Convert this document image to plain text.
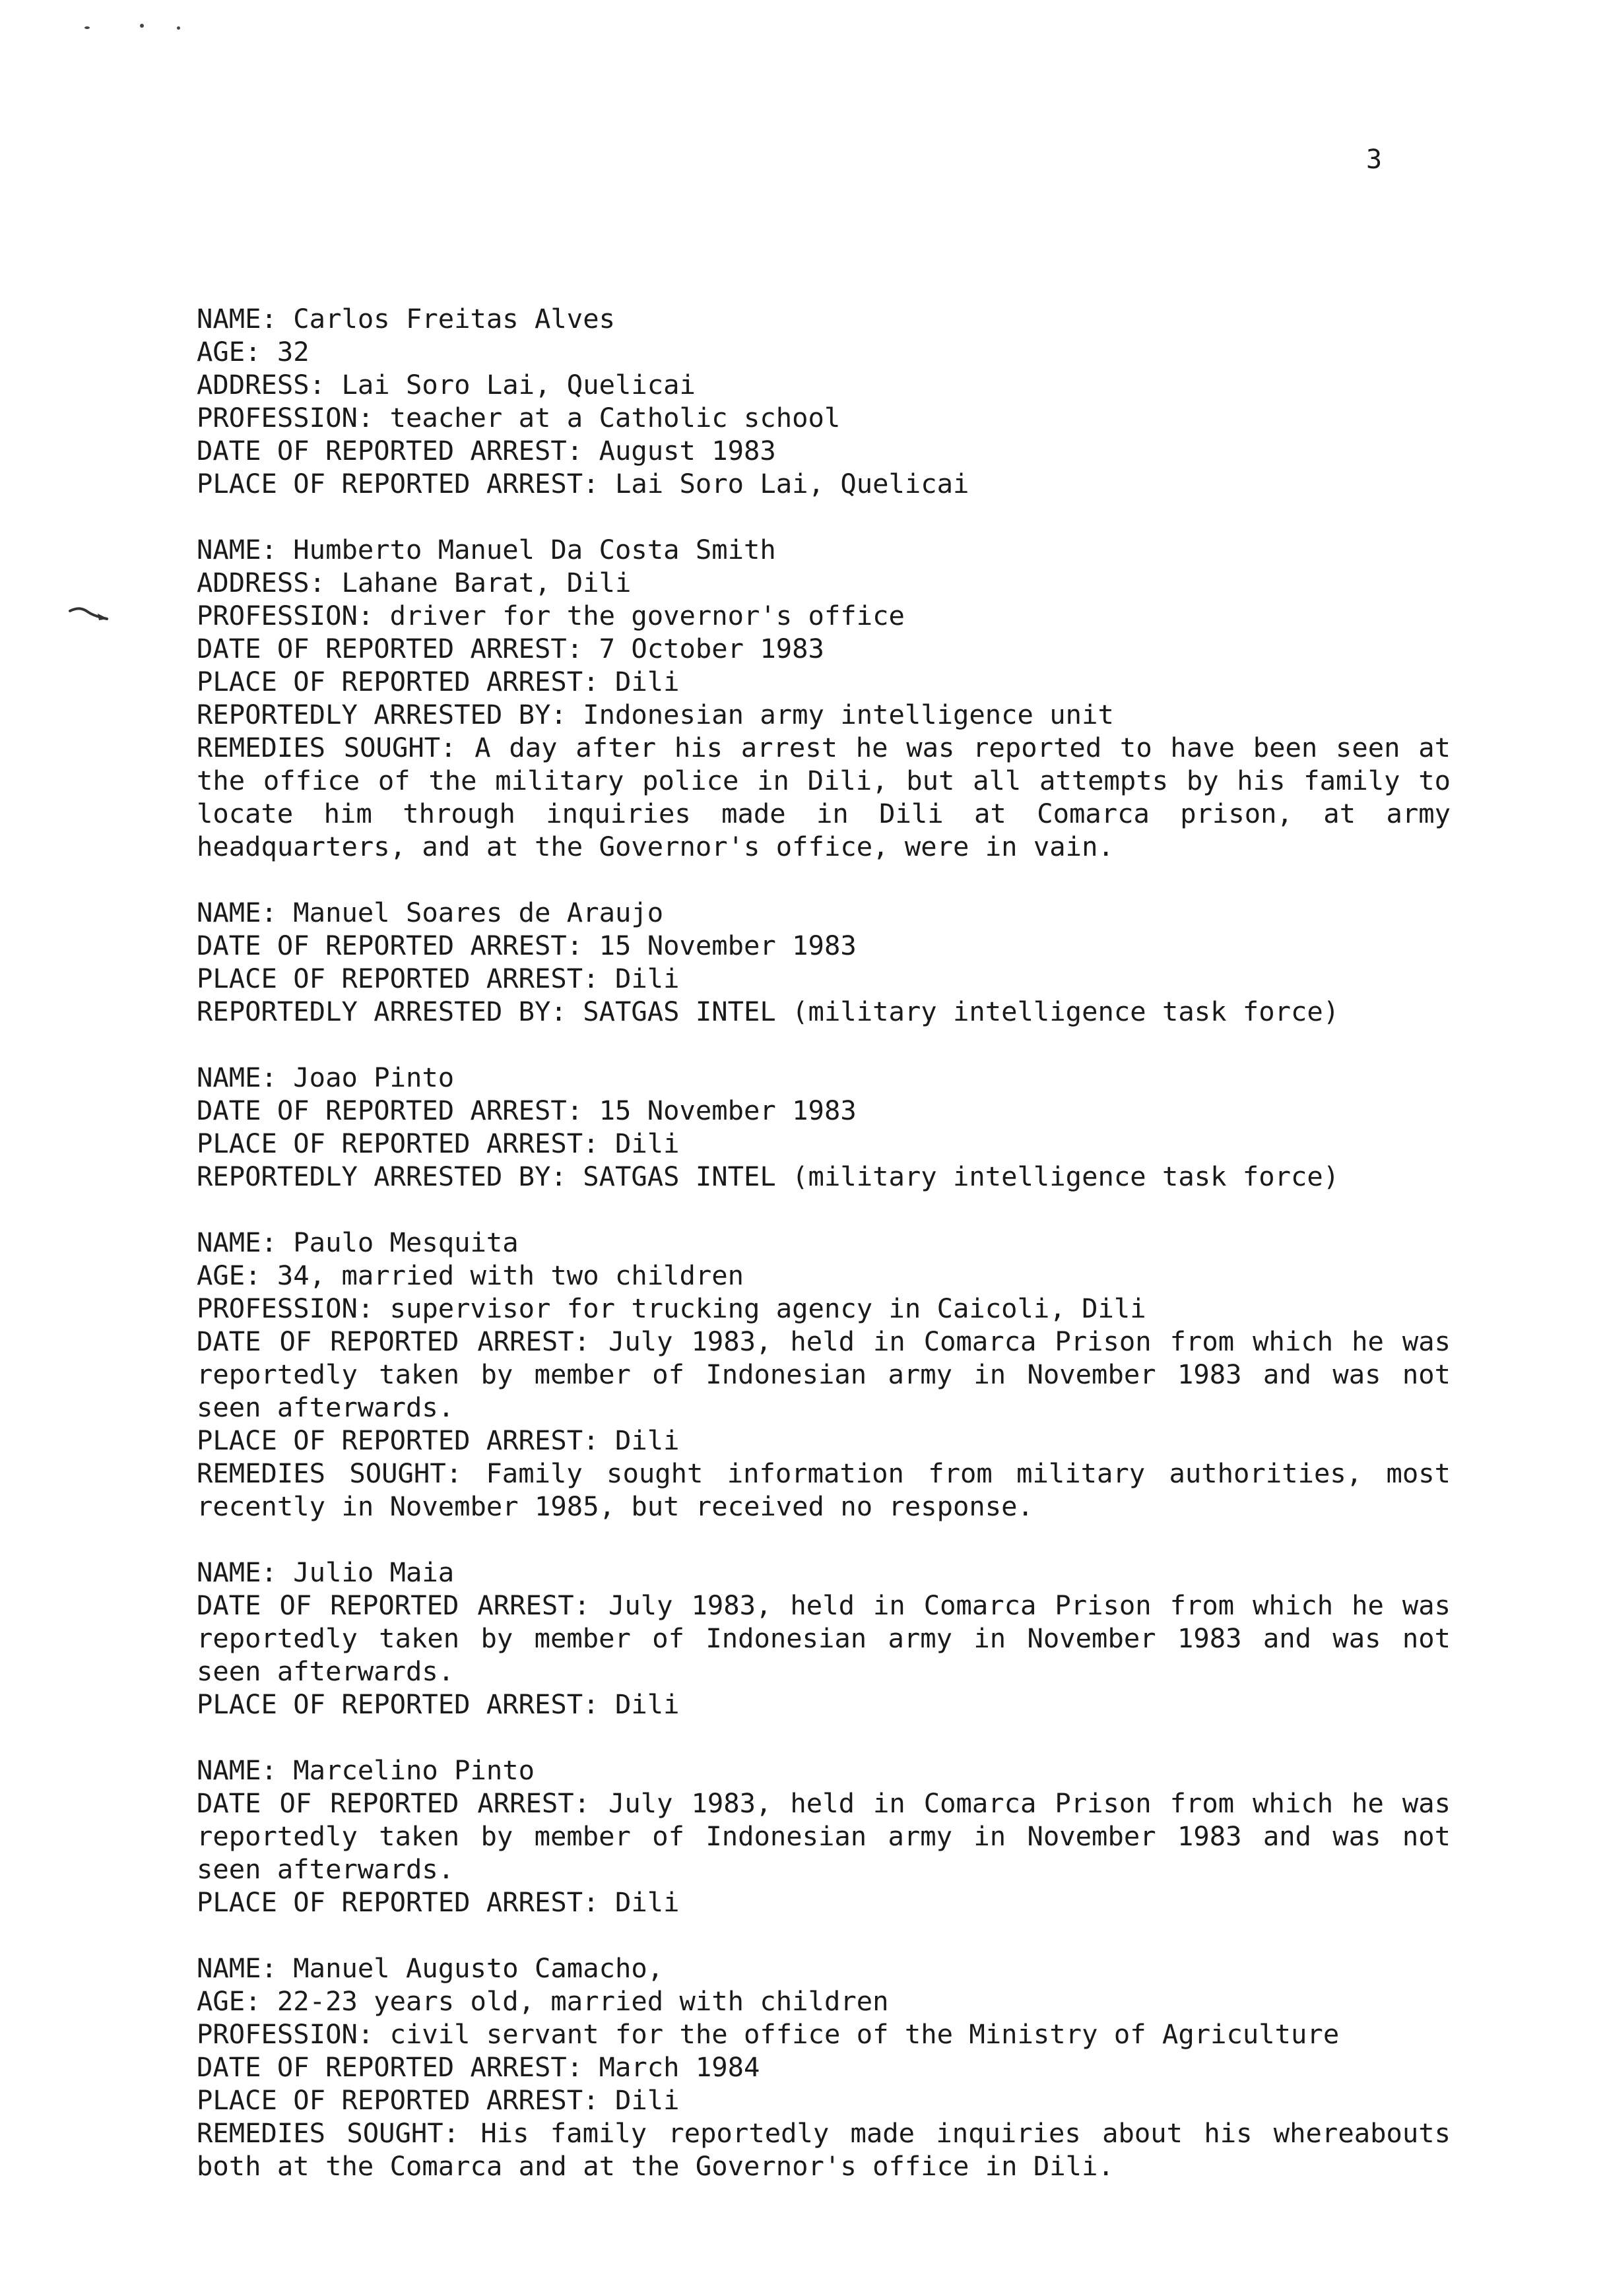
3
NAME: Carlos Freitas Alves
AGE: 32
ADDRESS: Lai Soro Lai, Quelicai
PROFESSION: teacher at a Catholic school
DATE OF REPORTED ARREST: August 1983
PLACE OF REPORTED ARREST: Lai Soro Lai, Quelicai
NAME: Humberto Manuel Da Costa Smith
ADDRESS: Lahane Barat, Dili
PROFESSION: driver for the governor's office
DATE OF REPORTED ARREST: 7 October 1983
PLACE OF REPORTED ARREST: Dili
REPORTEDLY ARRESTED BY: Indonesian army intelligence unit
REMEDIES SOUGHT: A day after his arrest he was reported to have been seen at the office of the military police in Dili, but all attempts by his family to locate him through inquiries made in Dili at Comarca prison, at army headquarters, and at the Governor's office, were in vain.
NAME: Manuel Soares de Araujo
DATE OF REPORTED ARREST: 15 November 1983
PLACE OF REPORTED ARREST: Dili
REPORTEDLY ARRESTED BY: SATGAS INTEL (military intelligence task force)
NAME: Joao Pinto
DATE OF REPORTED ARREST: 15 November 1983
PLACE OF REPORTED ARREST: Dili
REPORTEDLY ARRESTED BY: SATGAS INTEL (military intelligence task force)
NAME: Paulo Mesquita
AGE: 34, married with two children
PROFESSION: supervisor for trucking agency in Caicoli, Dili
DATE OF REPORTED ARREST: July 1983, held in Comarca Prison from which he was reportedly taken by member of Indonesian army in November 1983 and was not seen afterwards.
PLACE OF REPORTED ARREST: Dili
REMEDIES SOUGHT: Family sought information from military authorities, most recently in November 1985, but received no response.
NAME: Julio Maia
DATE OF REPORTED ARREST: July 1983, held in Comarca Prison from which he was reportedly taken by member of Indonesian army in November 1983 and was not seen afterwards.
PLACE OF REPORTED ARREST: Dili
NAME: Marcelino Pinto
DATE OF REPORTED ARREST: July 1983, held in Comarca Prison from which he was reportedly taken by member of Indonesian army in November 1983 and was not seen afterwards.
PLACE OF REPORTED ARREST: Dili
NAME: Manuel Augusto Camacho,
AGE: 22-23 years old, married with children
PROFESSION: civil servant for the office of the Ministry of Agriculture
DATE OF REPORTED ARREST: March 1984
PLACE OF REPORTED ARREST: Dili
REMEDIES SOUGHT: His family reportedly made inquiries about his whereabouts both at the Comarca and at the Governor's office in Dili.
